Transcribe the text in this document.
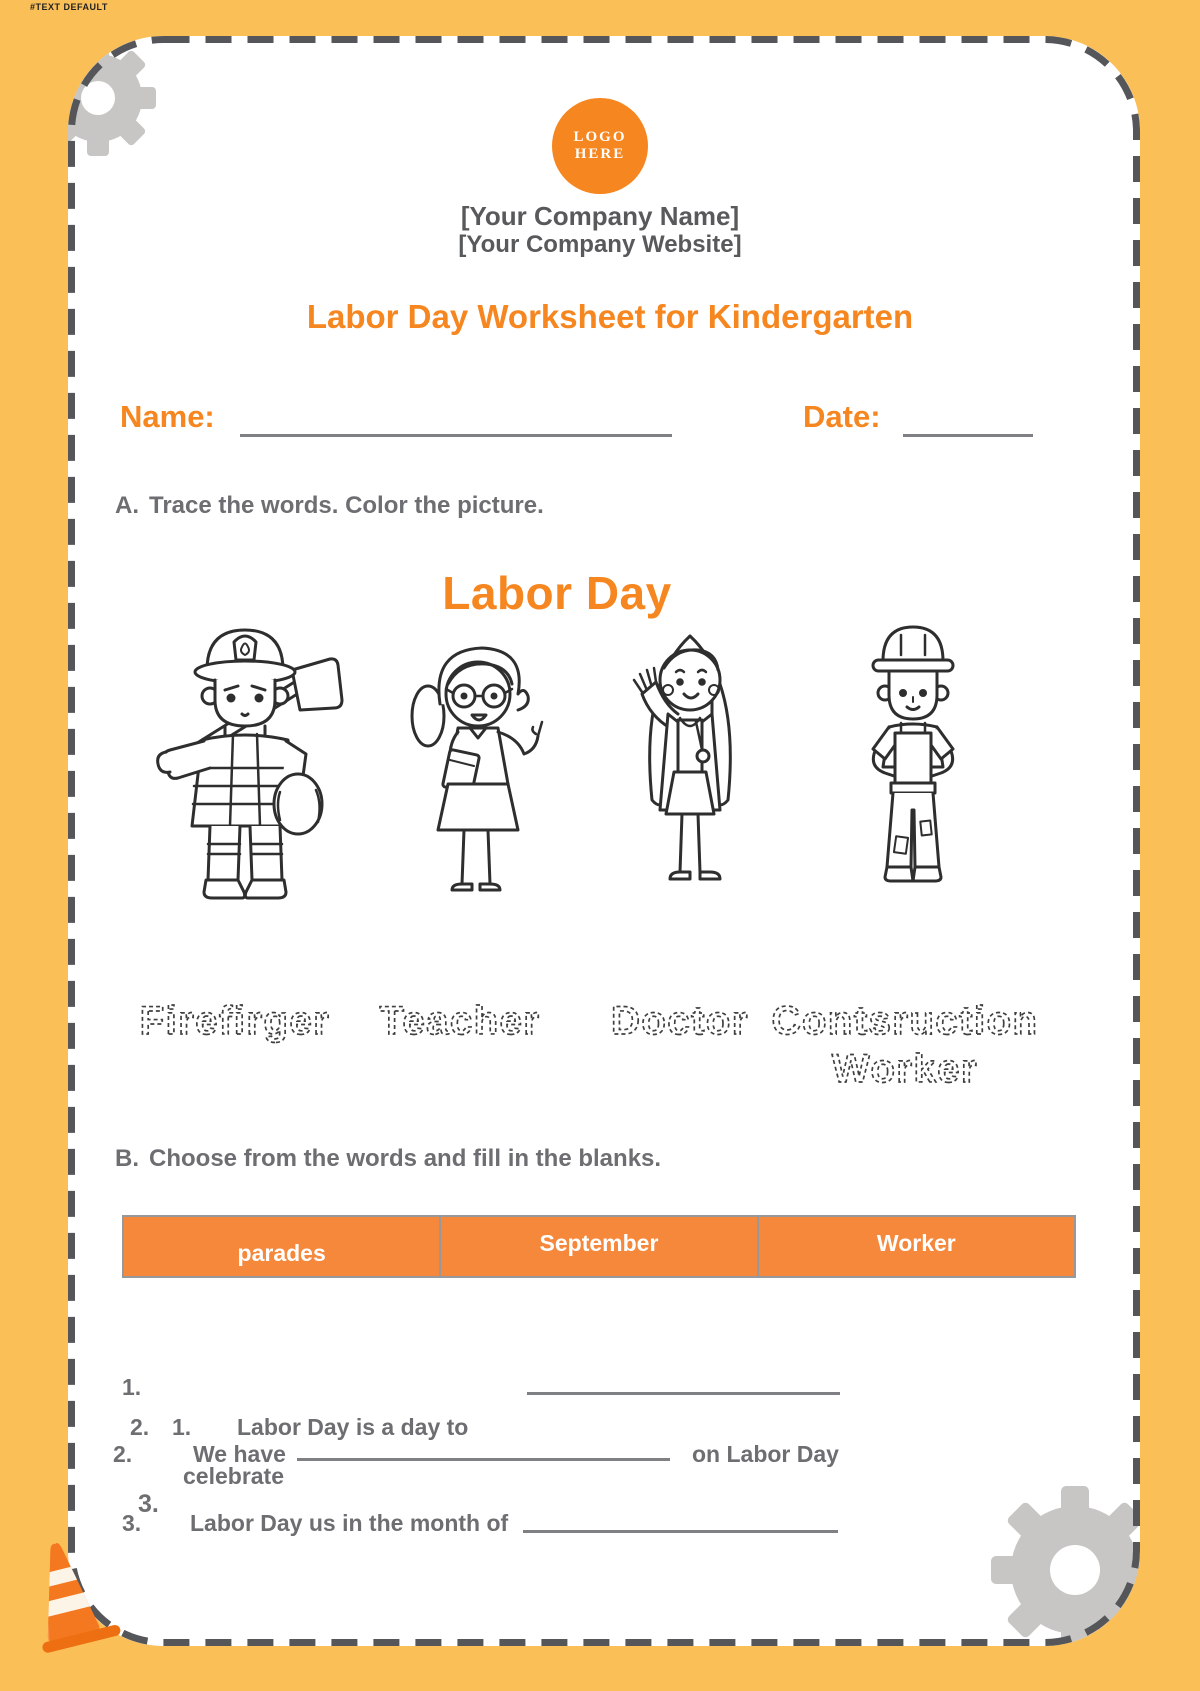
#TEXT DEFAULT
LOGO
HERE
[Your Company Name]
[Your Company Website]
Labor Day Worksheet for Kindergarten
Name:	Date:
A. Trace the words. Color the picture.
Labor Day
Firefirger Teacher Doctor Contsruction
Worker
B. Choose from the words and fill in the blanks.
parades	September	Worker
1.
2. 1. Labor Day is a day to
2.	We have	on Labor Day
celebrate
3.
3. Labor Day us in the month of
